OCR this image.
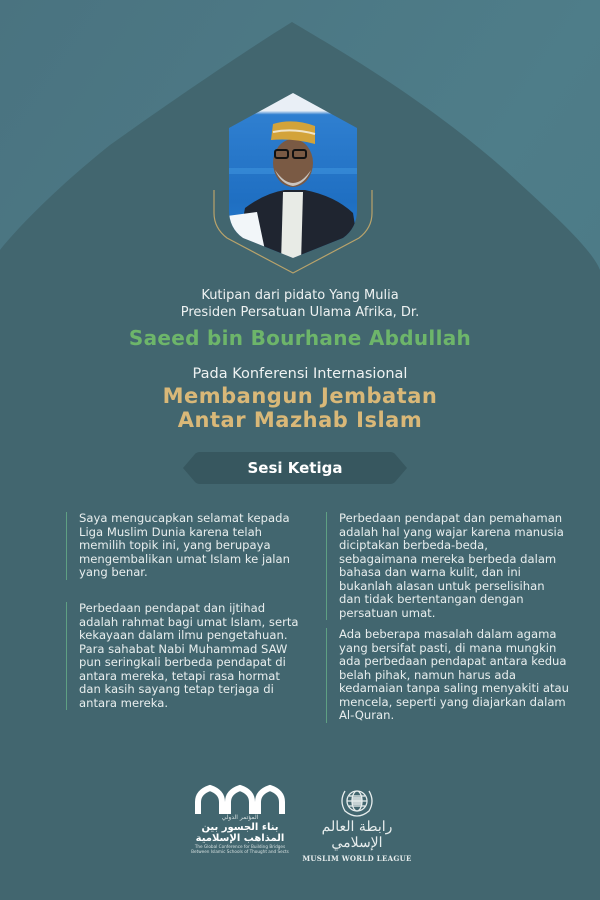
Kutipan dari pidato Yang Mulia
Presiden Persatuan Ulama Afrika, Dr.
Saeed bin Bourhane Abdullah
Pada Konferensi Internasional
Membangun Jembatan
Antar Mazhab Islam
Sesi Ketiga
Saya mengucapkan selamat kepada Liga Muslim Dunia karena telah memilih topik ini, yang berupaya mengembalikan umat Islam ke jalan yang benar.
Perbedaan pendapat dan ijtihad adalah rahmat bagi umat Islam, serta kekayaan dalam ilmu pengetahuan. Para sahabat Nabi Muhammad SAW pun seringkali berbeda pendapat di antara mereka, tetapi rasa hormat dan kasih sayang tetap terjaga di antara mereka.
Perbedaan pendapat dan pemahaman adalah hal yang wajar karena manusia diciptakan berbeda-beda, sebagaimana mereka berbeda dalam bahasa dan warna kulit, dan ini bukanlah alasan untuk perselisihan dan tidak bertentangan dengan persatuan umat.
Ada beberapa masalah dalam agama yang bersifat pasti, di mana mungkin ada perbedaan pendapat antara kedua belah pihak, namun harus ada kedamaian tanpa saling menyakiti atau mencela, seperti yang diajarkan dalam Al-Quran.
المؤتمر الدولي
بناء الجسور بين
المذاهب الإسلامية
The Global Conference for Building Bridges
Between Islamic Schools of Thought and Sects
رابطة العالم الإسلامي
MUSLIM WORLD LEAGUE
